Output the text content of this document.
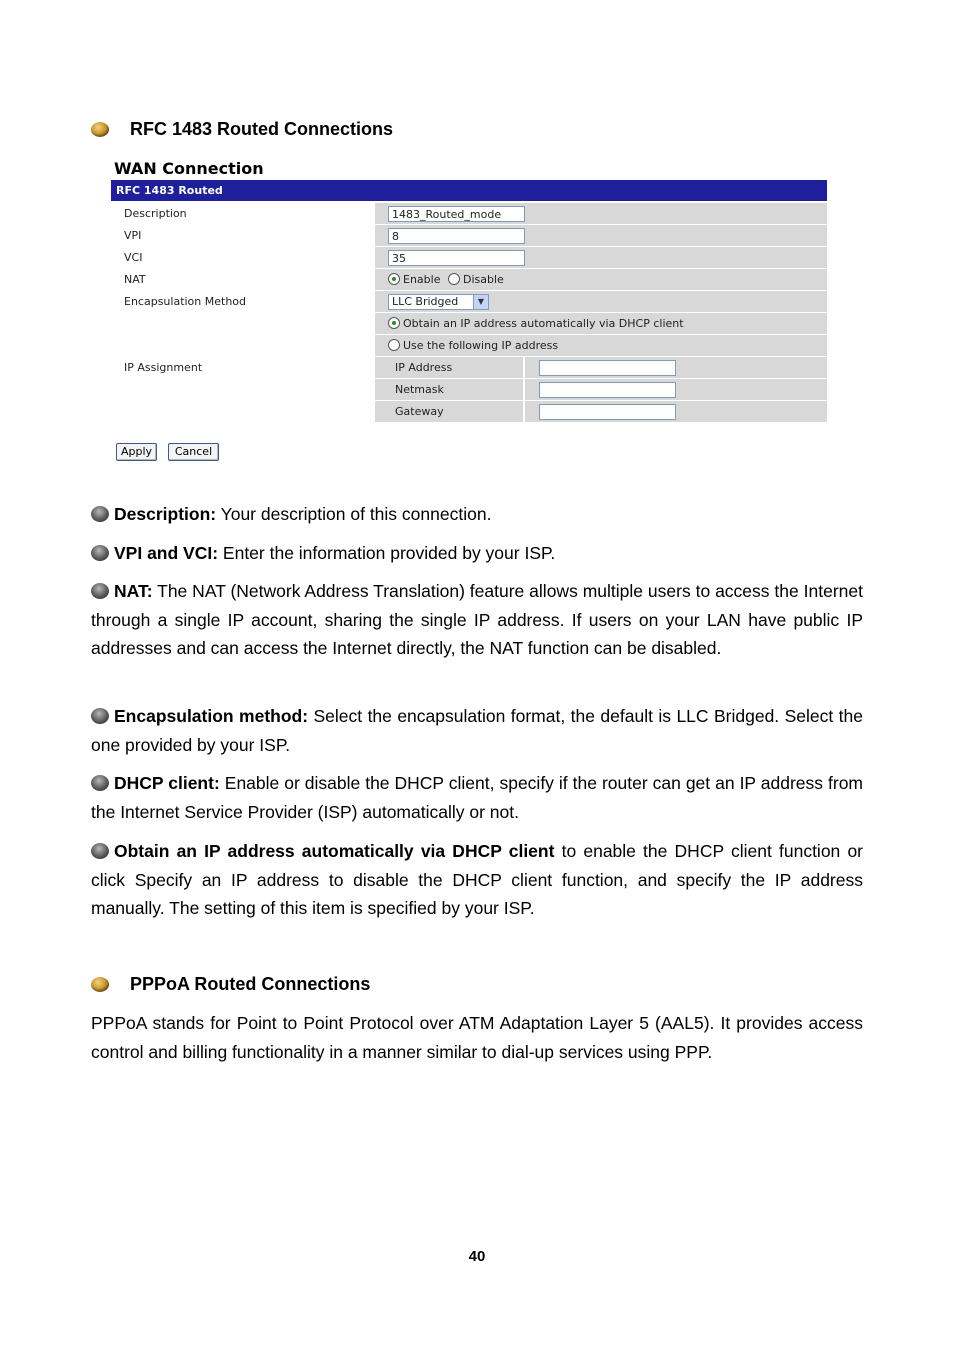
RFC 1483 Routed Connections
WAN Connection
RFC 1483 Routed
Description	1483_Routed_mode	

VPI	8	

VCI	35	

NAT	Enable Disable	
Encapsulation Method	LLC Bridged ▼	

	Obtain an IP address automatically via DHCP client	
	Use the following IP address	
IP Assignment	IP Address	

	Netmask	

	Gateway	
Apply	Cancel
Description: Your description of this connection.
VPI and VCI: Enter the information provided by your ISP.
NAT: The NAT (Network Address Translation) feature allows multiple users to access the Internet through a single IP account, sharing the single IP address. If users on your LAN have public IP addresses and can access the Internet directly, the NAT function can be disabled.
Encapsulation method: Select the encapsulation format, the default is LLC Bridged. Select the one provided by your ISP.
DHCP client: Enable or disable the DHCP client, specify if the router can get an IP address from the Internet Service Provider (ISP) automatically or not.
Obtain an IP address automatically via DHCP client to enable the DHCP client function or click Specify an IP address to disable the DHCP client function, and specify the IP address manually. The setting of this item is specified by your ISP.
PPPoA Routed Connections
PPPoA stands for Point to Point Protocol over ATM Adaptation Layer 5 (AAL5). It provides access control and billing functionality in a manner similar to dial-up services using PPP.
40
